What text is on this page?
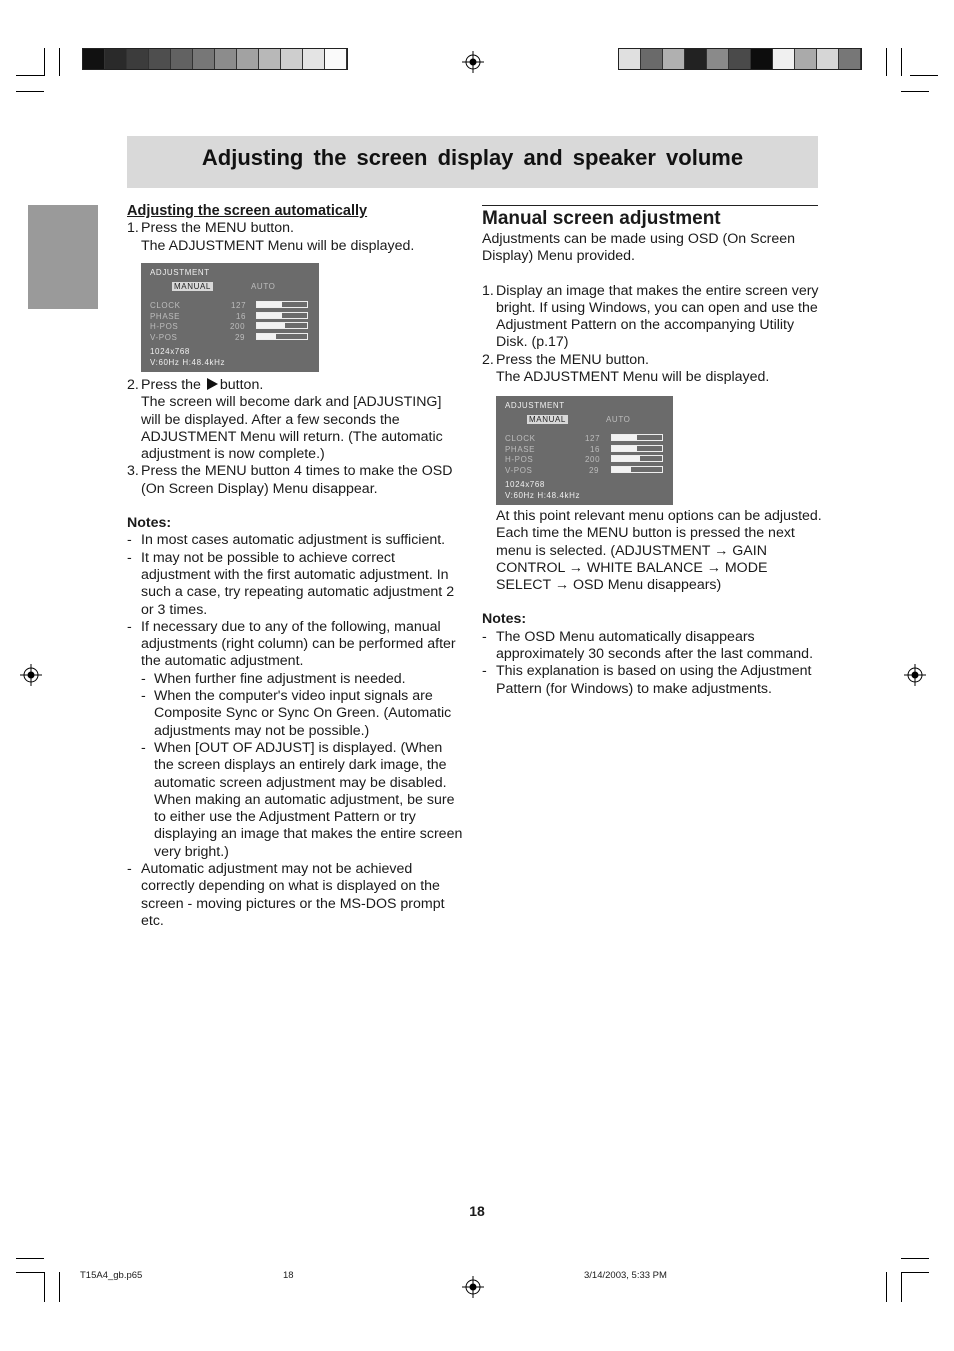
Adjusting the screen display and speaker volume

Adjusting the screen automatically

1. Press the MENU button.

The ADJUSTMENT Menu will be displayed.

ADJUSTMENT
MANUAL	AUTO
CLOCK	127
PHASE	16
H-POS	200
V-POS	29
1024x768
V:60Hz H:48.4kHz
2. Press the button.

The screen will become dark and [ADJUSTING] will be displayed. After a few seconds the ADJUSTMENT Menu will return. (The automatic adjustment is now complete.)

3. Press the MENU button 4 times to make the OSD (On Screen Display) Menu disappear.

Notes:

- In most cases automatic adjustment is sufficient.

- It may not be possible to achieve correct adjustment with the first automatic adjustment. In such a case, try repeating automatic adjustment 2 or 3 times.

- If necessary due to any of the following, manual adjustments (right column) can be performed after the automatic adjustment.

- When further fine adjustment is needed.

- When the computer's video input signals are Composite Sync or Sync On Green. (Automatic adjustments may not be possible.)

- When [OUT OF ADJUST] is displayed. (When the screen displays an entirely dark image, the automatic screen adjustment may be disabled. When making an automatic adjustment, be sure to either use the Adjustment Pattern or try displaying an image that makes the entire screen very bright.)

- Automatic adjustment may not be achieved correctly depending on what is displayed on the screen - moving pictures or the MS-DOS prompt etc.

Manual screen adjustment

Adjustments can be made using OSD (On Screen Display) Menu provided.

1. Display an image that makes the entire screen very bright. If using Windows, you can open and use the Adjustment Pattern on the accompanying Utility Disk. (p.17)

2. Press the MENU button.

The ADJUSTMENT Menu will be displayed.

ADJUSTMENT
MANUAL	AUTO
CLOCK	127
PHASE	16
H-POS	200
V-POS	29
1024x768
V:60Hz H:48.4kHz

At this point relevant menu options can be adjusted.

Each time the MENU button is pressed the next menu is selected. (ADJUSTMENT → GAIN CONTROL → WHITE BALANCE → MODE SELECT → OSD Menu disappears)

Notes:

- The OSD Menu automatically disappears approximately 30 seconds after the last command.

- This explanation is based on using the Adjustment Pattern (for Windows) to make adjustments.

18
T15A4_gb.p65	18	3/14/2003, 5:33 PM
